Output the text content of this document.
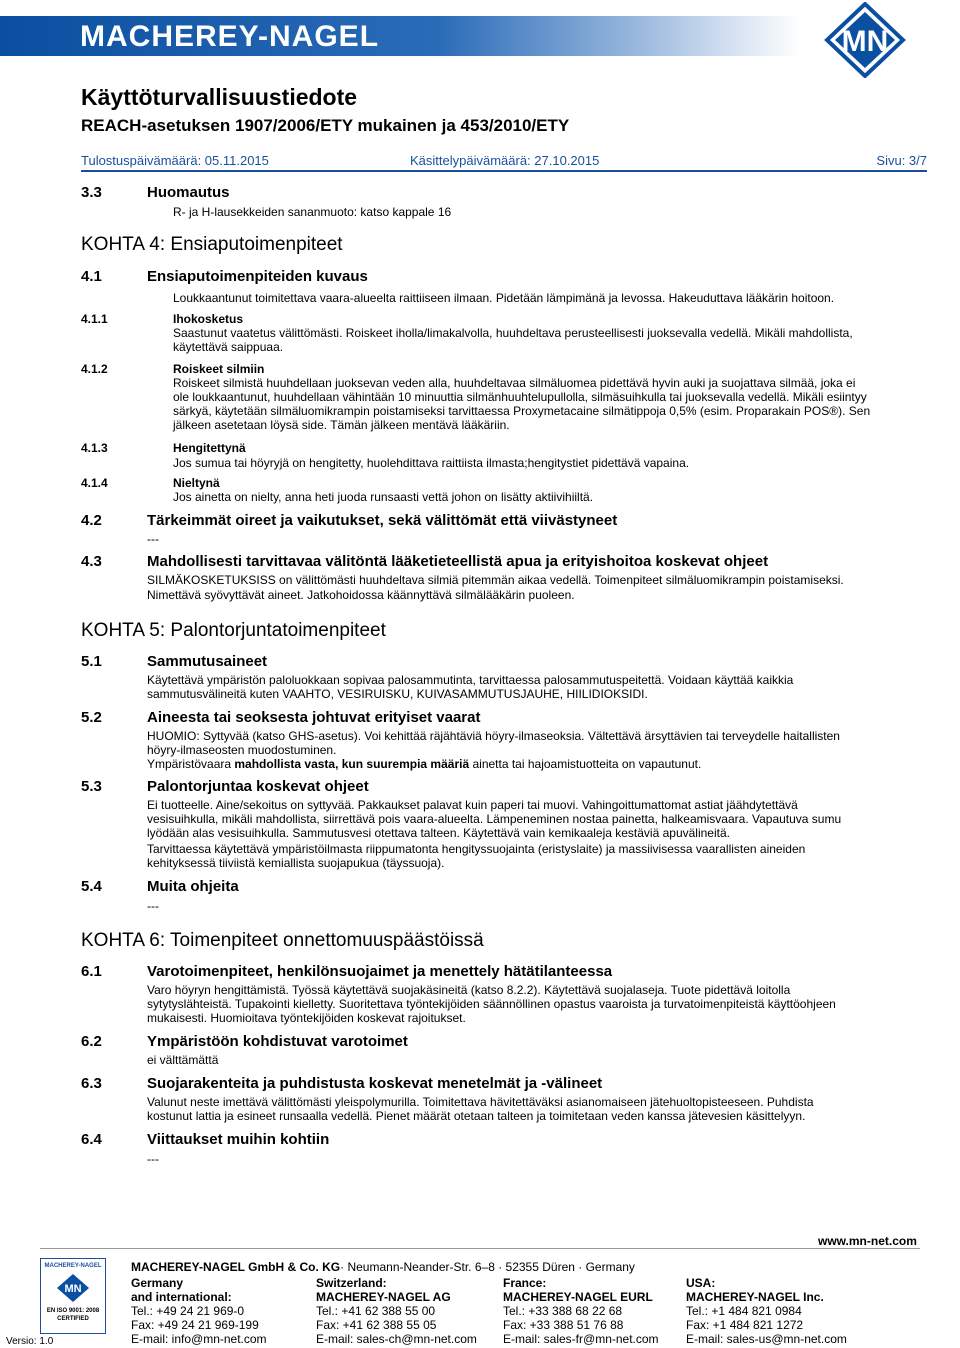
MACHEREY-NAGEL	MN
Käyttöturvallisuustiedote
REACH-asetuksen 1907/2006/ETY mukainen ja 453/2010/ETY
Tulostuspäivämäärä: 05.11.2015	Käsittelypäivämäärä: 27.10.2015	Sivu: 3/7
3.3	Huomautus
R- ja H-lausekkeiden sananmuoto: katso kappale 16
KOHTA 4: Ensiaputoimenpiteet
4.1	Ensiaputoimenpiteiden kuvaus
Loukkaantunut toimitettava vaara-alueelta raittiiseen ilmaan. Pidetään lämpimänä ja levossa. Hakeuduttava lääkärin hoitoon.
4.1.1	Ihokosketus
Saastunut vaatetus välittömästi. Roiskeet iholla/limakalvolla, huuhdeltava perusteellisesti juoksevalla vedellä. Mikäli mahdollista,
käytettävä saippuaa.
4.1.2	Roiskeet silmiin
Roiskeet silmistä huuhdellaan juoksevan veden alla, huuhdeltavaa silmäluomea pidettävä hyvin auki ja suojattava silmää, joka ei
ole loukkaantunut, huuhdellaan vähintään 10 minuuttia silmänhuuhtelupullolla, silmäsuihkulla tai juoksevalla vedellä. Mikäli esiintyy
särkyä, käytetään silmäluomikrampin poistamiseksi tarvittaessa Proxymetacaine silmätippoja 0,5% (esim. Proparakain POS®). Sen
jälkeen asetetaan löysä side. Tämän jälkeen mentävä lääkäriin.
4.1.3	Hengitettynä
Jos sumua tai höyryjä on hengitetty, huolehdittava raittiista ilmasta;hengitystiet pidettävä vapaina.
4.1.4	Nieltynä
Jos ainetta on nielty, anna heti juoda runsaasti vettä johon on lisätty aktiivihiiltä.
4.2	Tärkeimmät oireet ja vaikutukset, sekä välittömät että viivästyneet
---
4.3	Mahdollisesti tarvittavaa välitöntä lääketieteellistä apua ja erityishoitoa koskevat ohjeet
SILMÄKOSKETUKSISS on välittömästi huuhdeltava silmiä pitemmän aikaa vedellä. Toimenpiteet silmäluomikrampin poistamiseksi.
Nimettävä syövyttävät aineet. Jatkohoidossa käännyttävä silmälääkärin puoleen.
KOHTA 5: Palontorjuntatoimenpiteet
5.1	Sammutusaineet
Käytettävä ympäristön paloluokkaan sopivaa palosammutinta, tarvittaessa palosammutuspeitettä. Voidaan käyttää kaikkia
sammutusvälineitä kuten VAAHTO, VESIRUISKU, KUIVASAMMUTUSJAUHE, HIILIDIOKSIDI.
5.2	Aineesta tai seoksesta johtuvat erityiset vaarat
HUOMIO: Syttyvää (katso GHS-asetus). Voi kehittää räjähtäviä höyry-ilmaseoksia. Vältettävä ärsyttävien tai terveydelle haitallisten
höyry-ilmaseosten muodostuminen.
Ympäristövaara mahdollista vasta, kun suurempia määriä ainetta tai hajoamistuotteita on vapautunut.
5.3	Palontorjuntaa koskevat ohjeet
Ei tuotteelle. Aine/sekoitus on syttyvää. Pakkaukset palavat kuin paperi tai muovi. Vahingoittumattomat astiat jäähdytettävä
vesisuihkulla, mikäli mahdollista, siirrettävä pois vaara-alueelta. Lämpeneminen nostaa painetta, halkeamisvaara. Vapautuva sumu
lyödään alas vesisuihkulla. Sammutusvesi otettava talteen. Käytettävä vain kemikaaleja kestäviä apuvälineitä.
Tarvittaessa käytettävä ympäristöilmasta riippumatonta hengityssuojainta (eristyslaite) ja massiivisessa vaarallisten aineiden
kehityksessä tiiviistä kemiallista suojapukua (täyssuoja).
5.4	Muita ohjeita
---
KOHTA 6: Toimenpiteet onnettomuuspäästöissä
6.1	Varotoimenpiteet, henkilönsuojaimet ja menettely hätätilanteessa
Varo höyryn hengittämistä. Työssä käytettävä suojakäsineitä (katso 8.2.2). Käytettävä suojalaseja. Tuote pidettävä loitolla
sytytyslähteistä. Tupakointi kielletty. Suoritettava työntekijöiden säännöllinen opastus vaaroista ja turvatoimenpiteistä käyttöohjeen
mukaisesti. Huomioitava työntekijöiden koskevat rajoitukset.
6.2	Ympäristöön kohdistuvat varotoimet
ei välttämättä
6.3	Suojarakenteita ja puhdistusta koskevat menetelmät ja -välineet
Valunut neste imettävä välittömästi yleispolymurilla. Toimitettava hävitettäväksi asianomaiseen jätehuoltopisteeseen. Puhdista
kostunut lattia ja esineet runsaalla vedellä. Pienet määrät otetaan talteen ja toimitetaan veden kanssa jätevesien käsittelyyn.
6.4	Viittaukset muihin kohtiin
---
www.mn-net.com
MACHEREY-NAGEL
MN
EN ISO 9001: 2008 CERTIFIED
Versio: 1.0
MACHEREY-NAGEL GmbH & Co. KG· Neumann-Neander-Str. 6–8 · 52355 Düren · Germany
Germany
and international:
Tel.: +49 24 21 969-0
Fax: +49 24 21 969-199
E-mail: info@mn-net.com
Switzerland:
MACHEREY-NAGEL AG
Tel.: +41 62 388 55 00
Fax: +41 62 388 55 05
E-mail: sales-ch@mn-net.com
France:
MACHEREY-NAGEL EURL
Tel.: +33 388 68 22 68
Fax: +33 388 51 76 88
E-mail: sales-fr@mn-net.com
USA:
MACHEREY-NAGEL Inc.
Tel.: +1 484 821 0984
Fax: +1 484 821 1272
E-mail: sales-us@mn-net.com
